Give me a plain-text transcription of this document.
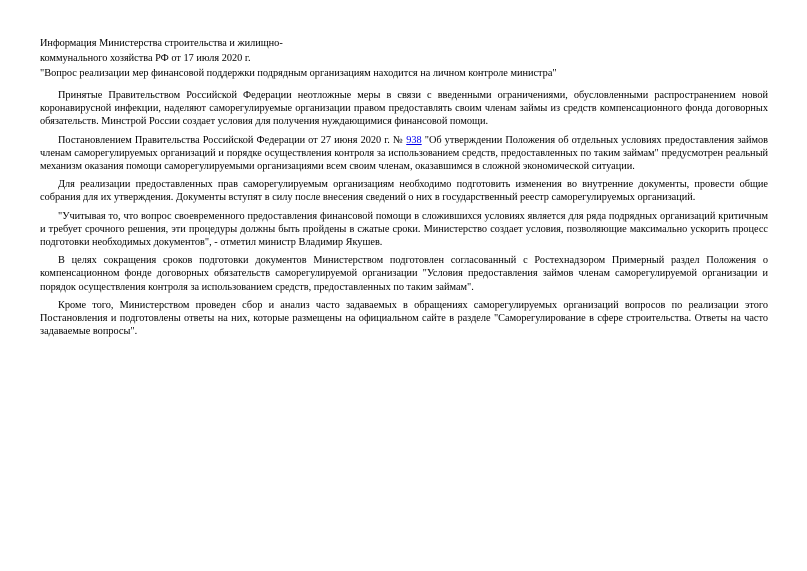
Информация Министерства строительства и жилищно-
коммунального хозяйства РФ от 17 июля 2020 г.
"Вопрос реализации мер финансовой поддержки подрядным организациям находится на личном контроле министра"

Принятые Правительством Российской Федерации неотложные меры в связи с введенными ограничениями, обусловленными распространением новой коронавирусной инфекции, наделяют саморегулируемые организации правом предоставлять своим членам займы из средств компенсационного фонда договорных обязательств. Минстрой России создает условия для получения нуждающимися финансовой помощи.

Постановлением Правительства Российской Федерации от 27 июня 2020 г. № 938 "Об утверждении Положения об отдельных условиях предоставления займов членам саморегулируемых организаций и порядке осуществления контроля за использованием средств, предоставленных по таким займам" предусмотрен реальный механизм оказания помощи саморегулируемыми организациями всем своим членам, оказавшимся в сложной экономической ситуации.

Для реализации предоставленных прав саморегулируемым организациям необходимо подготовить изменения во внутренние документы, провести общие собрания для их утверждения. Документы вступят в силу после внесения сведений о них в государственный реестр саморегулируемых организаций.

"Учитывая то, что вопрос своевременного предоставления финансовой помощи в сложившихся условиях является для ряда подрядных организаций критичным и требует срочного решения, эти процедуры должны быть пройдены в сжатые сроки. Министерство создает условия, позволяющие максимально ускорить процесс подготовки необходимых документов", - отметил министр Владимир Якушев.

В целях сокращения сроков подготовки документов Министерством подготовлен согласованный с Ростехнадзором Примерный раздел Положения о компенсационном фонде договорных обязательств саморегулируемой организации "Условия предоставления займов членам саморегулируемой организации и порядок осуществления контроля за использованием средств, предоставленных по таким займам".

Кроме того, Министерством проведен сбор и анализ часто задаваемых в обращениях саморегулируемых организаций вопросов по реализации этого Постановления и подготовлены ответы на них, которые размещены на официальном сайте в разделе "Саморегулирование в сфере строительства. Ответы на часто задаваемые вопросы".
